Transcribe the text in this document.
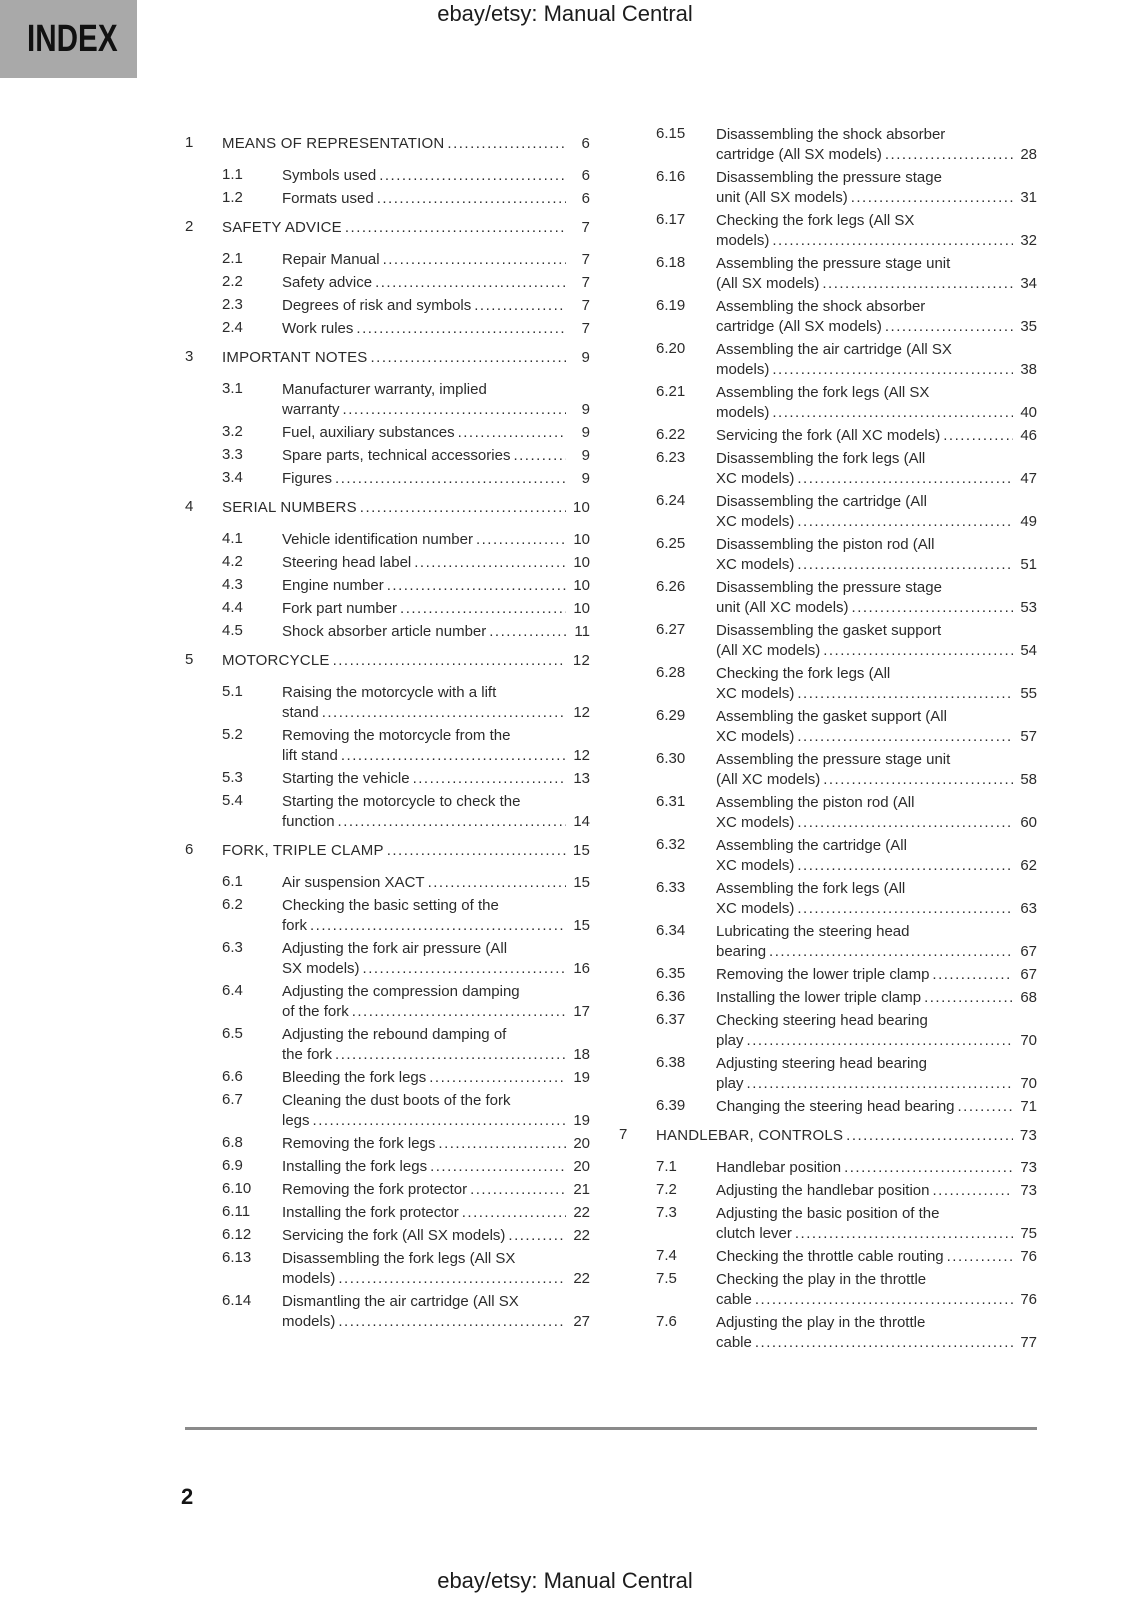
ebay/etsy: Manual Central
INDEX
1	MEANS OF REPRESENTATION .....	6
1.1	Symbols used .....	6
1.2	Formats used .....	6
2	SAFETY ADVICE .....	7
2.1	Repair Manual .....	7
2.2	Safety advice .....	7
2.3	Degrees of risk and symbols .....	7
2.4	Work rules .....	7
3	IMPORTANT NOTES .....	9
3.1	Manufacturer warranty, implied
warranty .....	9
3.2	Fuel, auxiliary substances .....	9
3.3	Spare parts, technical accessories .....	9
3.4	Figures .....	9
4	SERIAL NUMBERS .....	10
4.1	Vehicle identification number .....	10
4.2	Steering head label .....	10
4.3	Engine number .....	10
4.4	Fork part number .....	10
4.5	Shock absorber article number .....	11
5	MOTORCYCLE .....	12
5.1	Raising the motorcycle with a lift
stand .....	12
5.2	Removing the motorcycle from the
lift stand .....	12
5.3	Starting the vehicle .....	13
5.4	Starting the motorcycle to check the
function .....	14
6	FORK, TRIPLE CLAMP .....	15
6.1	Air suspension XACT .....	15
6.2	Checking the basic setting of the
fork .....	15
6.3	Adjusting the fork air pressure (All
SX models) .....	16
6.4	Adjusting the compression damping
of the fork .....	17
6.5	Adjusting the rebound damping of
the fork .....	18
6.6	Bleeding the fork legs .....	19
6.7	Cleaning the dust boots of the fork
legs .....	19
6.8	Removing the fork legs .....	20
6.9	Installing the fork legs .....	20
6.10	Removing the fork protector .....	21
6.11	Installing the fork protector .....	22
6.12	Servicing the fork (All SX models) .....	22
6.13	Disassembling the fork legs (All SX
models) .....	22
6.14	Dismantling the air cartridge (All SX
models) .....	27
6.15	Disassembling the shock absorber
cartridge (All SX models) .....	28
6.16	Disassembling the pressure stage
unit (All SX models) .....	31
6.17	Checking the fork legs (All SX
models) .....	32
6.18	Assembling the pressure stage unit
(All SX models) .....	34
6.19	Assembling the shock absorber
cartridge (All SX models) .....	35
6.20	Assembling the air cartridge (All SX
models) .....	38
6.21	Assembling the fork legs (All SX
models) .....	40
6.22	Servicing the fork (All XC models) .....	46
6.23	Disassembling the fork legs (All
XC models) .....	47
6.24	Disassembling the cartridge (All
XC models) .....	49
6.25	Disassembling the piston rod (All
XC models) .....	51
6.26	Disassembling the pressure stage
unit (All XC models) .....	53
6.27	Disassembling the gasket support
(All XC models) .....	54
6.28	Checking the fork legs (All
XC models) .....	55
6.29	Assembling the gasket support (All
XC models) .....	57
6.30	Assembling the pressure stage unit
(All XC models) .....	58
6.31	Assembling the piston rod (All
XC models) .....	60
6.32	Assembling the cartridge (All
XC models) .....	62
6.33	Assembling the fork legs (All
XC models) .....	63
6.34	Lubricating the steering head
bearing .....	67
6.35	Removing the lower triple clamp .....	67
6.36	Installing the lower triple clamp .....	68
6.37	Checking steering head bearing
play .....	70
6.38	Adjusting steering head bearing
play .....	70
6.39	Changing the steering head bearing .....	71
7	HANDLEBAR, CONTROLS .....	73
7.1	Handlebar position .....	73
7.2	Adjusting the handlebar position .....	73
7.3	Adjusting the basic position of the
clutch lever .....	75
7.4	Checking the throttle cable routing .....	76
7.5	Checking the play in the throttle
cable .....	76
7.6	Adjusting the play in the throttle
cable .....	77
2
ebay/etsy: Manual Central
